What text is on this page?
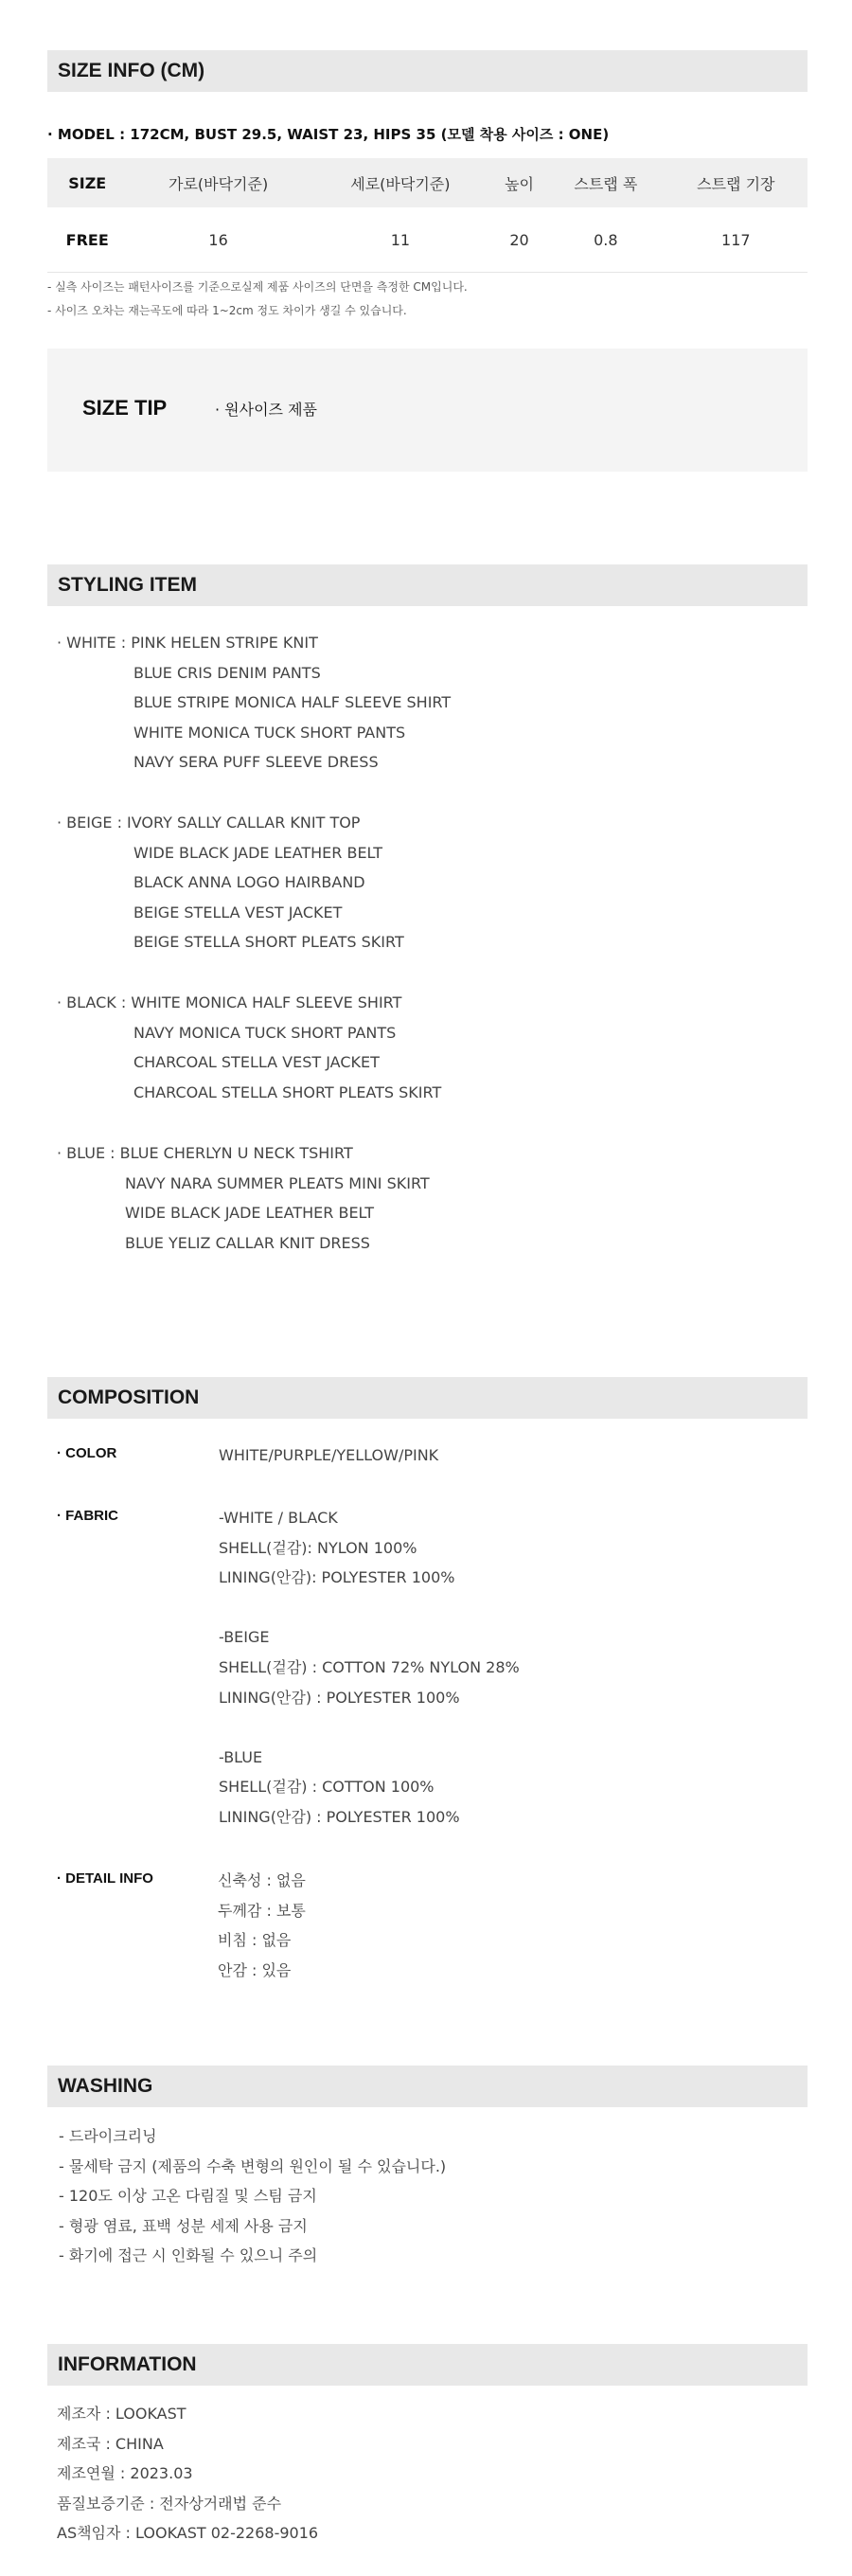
SIZE INFO (CM)
· MODEL : 172CM, BUST 29.5, WAIST 23, HIPS 35 (모델 착용 사이즈 : ONE)
SIZE	가로(바닥기준)	세로(바닥기준)	높이	스트랩 폭	스트랩 기장
FREE	16	11	20	0.8	117
- 실측 사이즈는 패턴사이즈를 기준으로실제 제품 사이즈의 단면을 측정한 CM입니다.
- 사이즈 오차는 재는곡도에 따라 1~2cm 정도 차이가 생길 수 있습니다.
SIZE TIP	· 원사이즈 제품
STYLING ITEM
· WHITE : PINK HELEN STRIPE KNIT
BLUE CRIS DENIM PANTS
BLUE STRIPE MONICA HALF SLEEVE SHIRT
WHITE MONICA TUCK SHORT PANTS
NAVY SERA PUFF SLEEVE DRESS
· BEIGE : IVORY SALLY CALLAR KNIT TOP
WIDE BLACK JADE LEATHER BELT
BLACK ANNA LOGO HAIRBAND
BEIGE STELLA VEST JACKET
BEIGE STELLA SHORT PLEATS SKIRT
· BLACK : WHITE MONICA HALF SLEEVE SHIRT
NAVY MONICA TUCK SHORT PANTS
CHARCOAL STELLA VEST JACKET
CHARCOAL STELLA SHORT PLEATS SKIRT
· BLUE : BLUE CHERLYN U NECK TSHIRT
NAVY NARA SUMMER PLEATS MINI SKIRT
WIDE BLACK JADE LEATHER BELT
BLUE YELIZ CALLAR KNIT DRESS
COMPOSITION
· COLOR	WHITE/PURPLE/YELLOW/PINK
· FABRIC	-WHITE / BLACK
SHELL(겉감): NYLON 100%
LINING(안감): POLYESTER 100%
-BEIGE
SHELL(겉감) : COTTON 72% NYLON 28%
LINING(안감) : POLYESTER 100%
-BLUE
SHELL(겉감) : COTTON 100%
LINING(안감) : POLYESTER 100%
· DETAIL INFO	신축성 : 없음
두께감 : 보통
비침 : 없음
안감 : 있음
WASHING
- 드라이크리닝
- 물세탁 금지 (제품의 수축 변형의 원인이 될 수 있습니다.)
- 120도 이상 고온 다림질 및 스팀 금지
- 형광 염료, 표백 성분 세제 사용 금지
- 화기에 접근 시 인화될 수 있으니 주의
INFORMATION
제조자 : LOOKAST
제조국 : CHINA
제조연월 : 2023.03
품질보증기준 : 전자상거래법 준수
AS책임자 : LOOKAST 02-2268-9016
